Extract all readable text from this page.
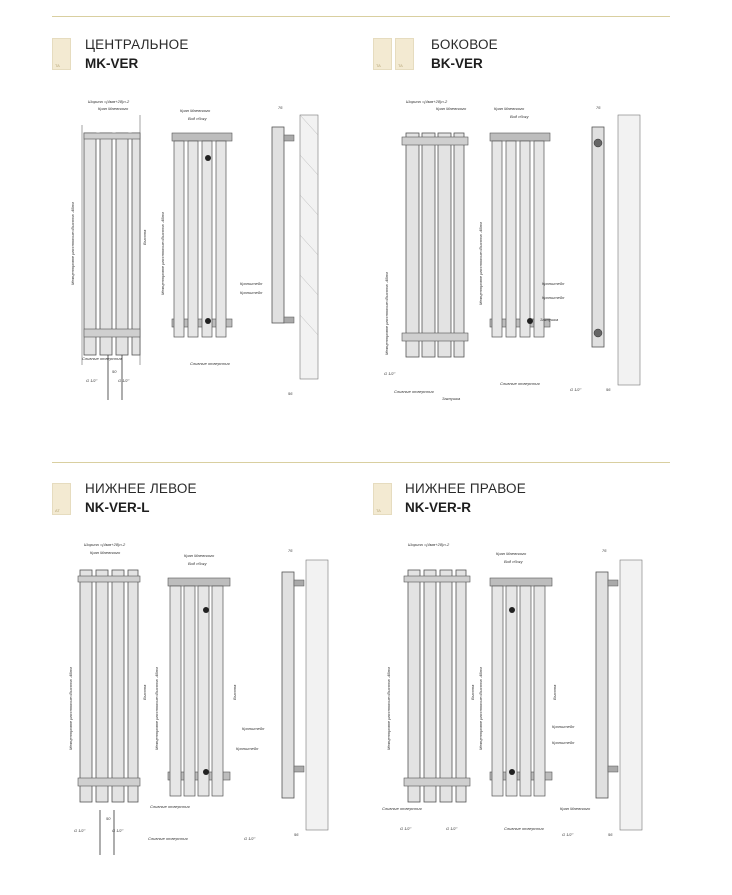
TA
ЦЕНТРАЛЬНОЕ
MK-VER	TA	TA
БОКОВОЕ
BK-VER
AT
НИЖНЕЕ ЛЕВОЕ
NK-VER-L	TA
НИЖНЕЕ ПРАВОЕ
NK-VER-R
Межцентровое расстояние=Высота -48мм	Высота
Ширина =(4мм+28)n-2
Кран Маевского
Сливные отверстия
G 1/2"	G 1/2"
50
Межцентровое расстояние=Высота -48мм
Кран Маевского
Вид сбоку
Кронштейн
Кронштейн
Сливные отверстия
76
56
Межцентровое расстояние=Высота -48мм
Ширина =(4мм+28)n-2
Кран Маевского
G 1/2"
Сливные отверстия
Заглушка
Межцентровое расстояние=Высота -48мм
Кран Маевского
Вид сбоку
Сливные отверстия
Кронштейн
Кронштейн
Заглушка
76
56
G 1/2"
Межцентровое расстояние=Высота -48мм	Высота
Ширина =(4мм+28)n-2
Кран Маевского
G 1/2"	G 1/2"
50
Межцентровое расстояние=Высота -48мм	Высота
Кран Маевского
Вид сбоку
Кронштейн
Кронштейн
Сливные отверстия
Сливные отверстия
76
56
G 1/2"
Межцентровое расстояние=Высота -48мм	Высота
Ширина =(4мм+28)n-2
Сливные отверстия
G 1/2"	G 1/2"
Межцентровое расстояние=Высота -48мм	Высота
Кран Маевского
Вид сбоку
Кронштейн
Кронштейн
Сливные отверстия
76
56
G 1/2"
Кран Маевского
